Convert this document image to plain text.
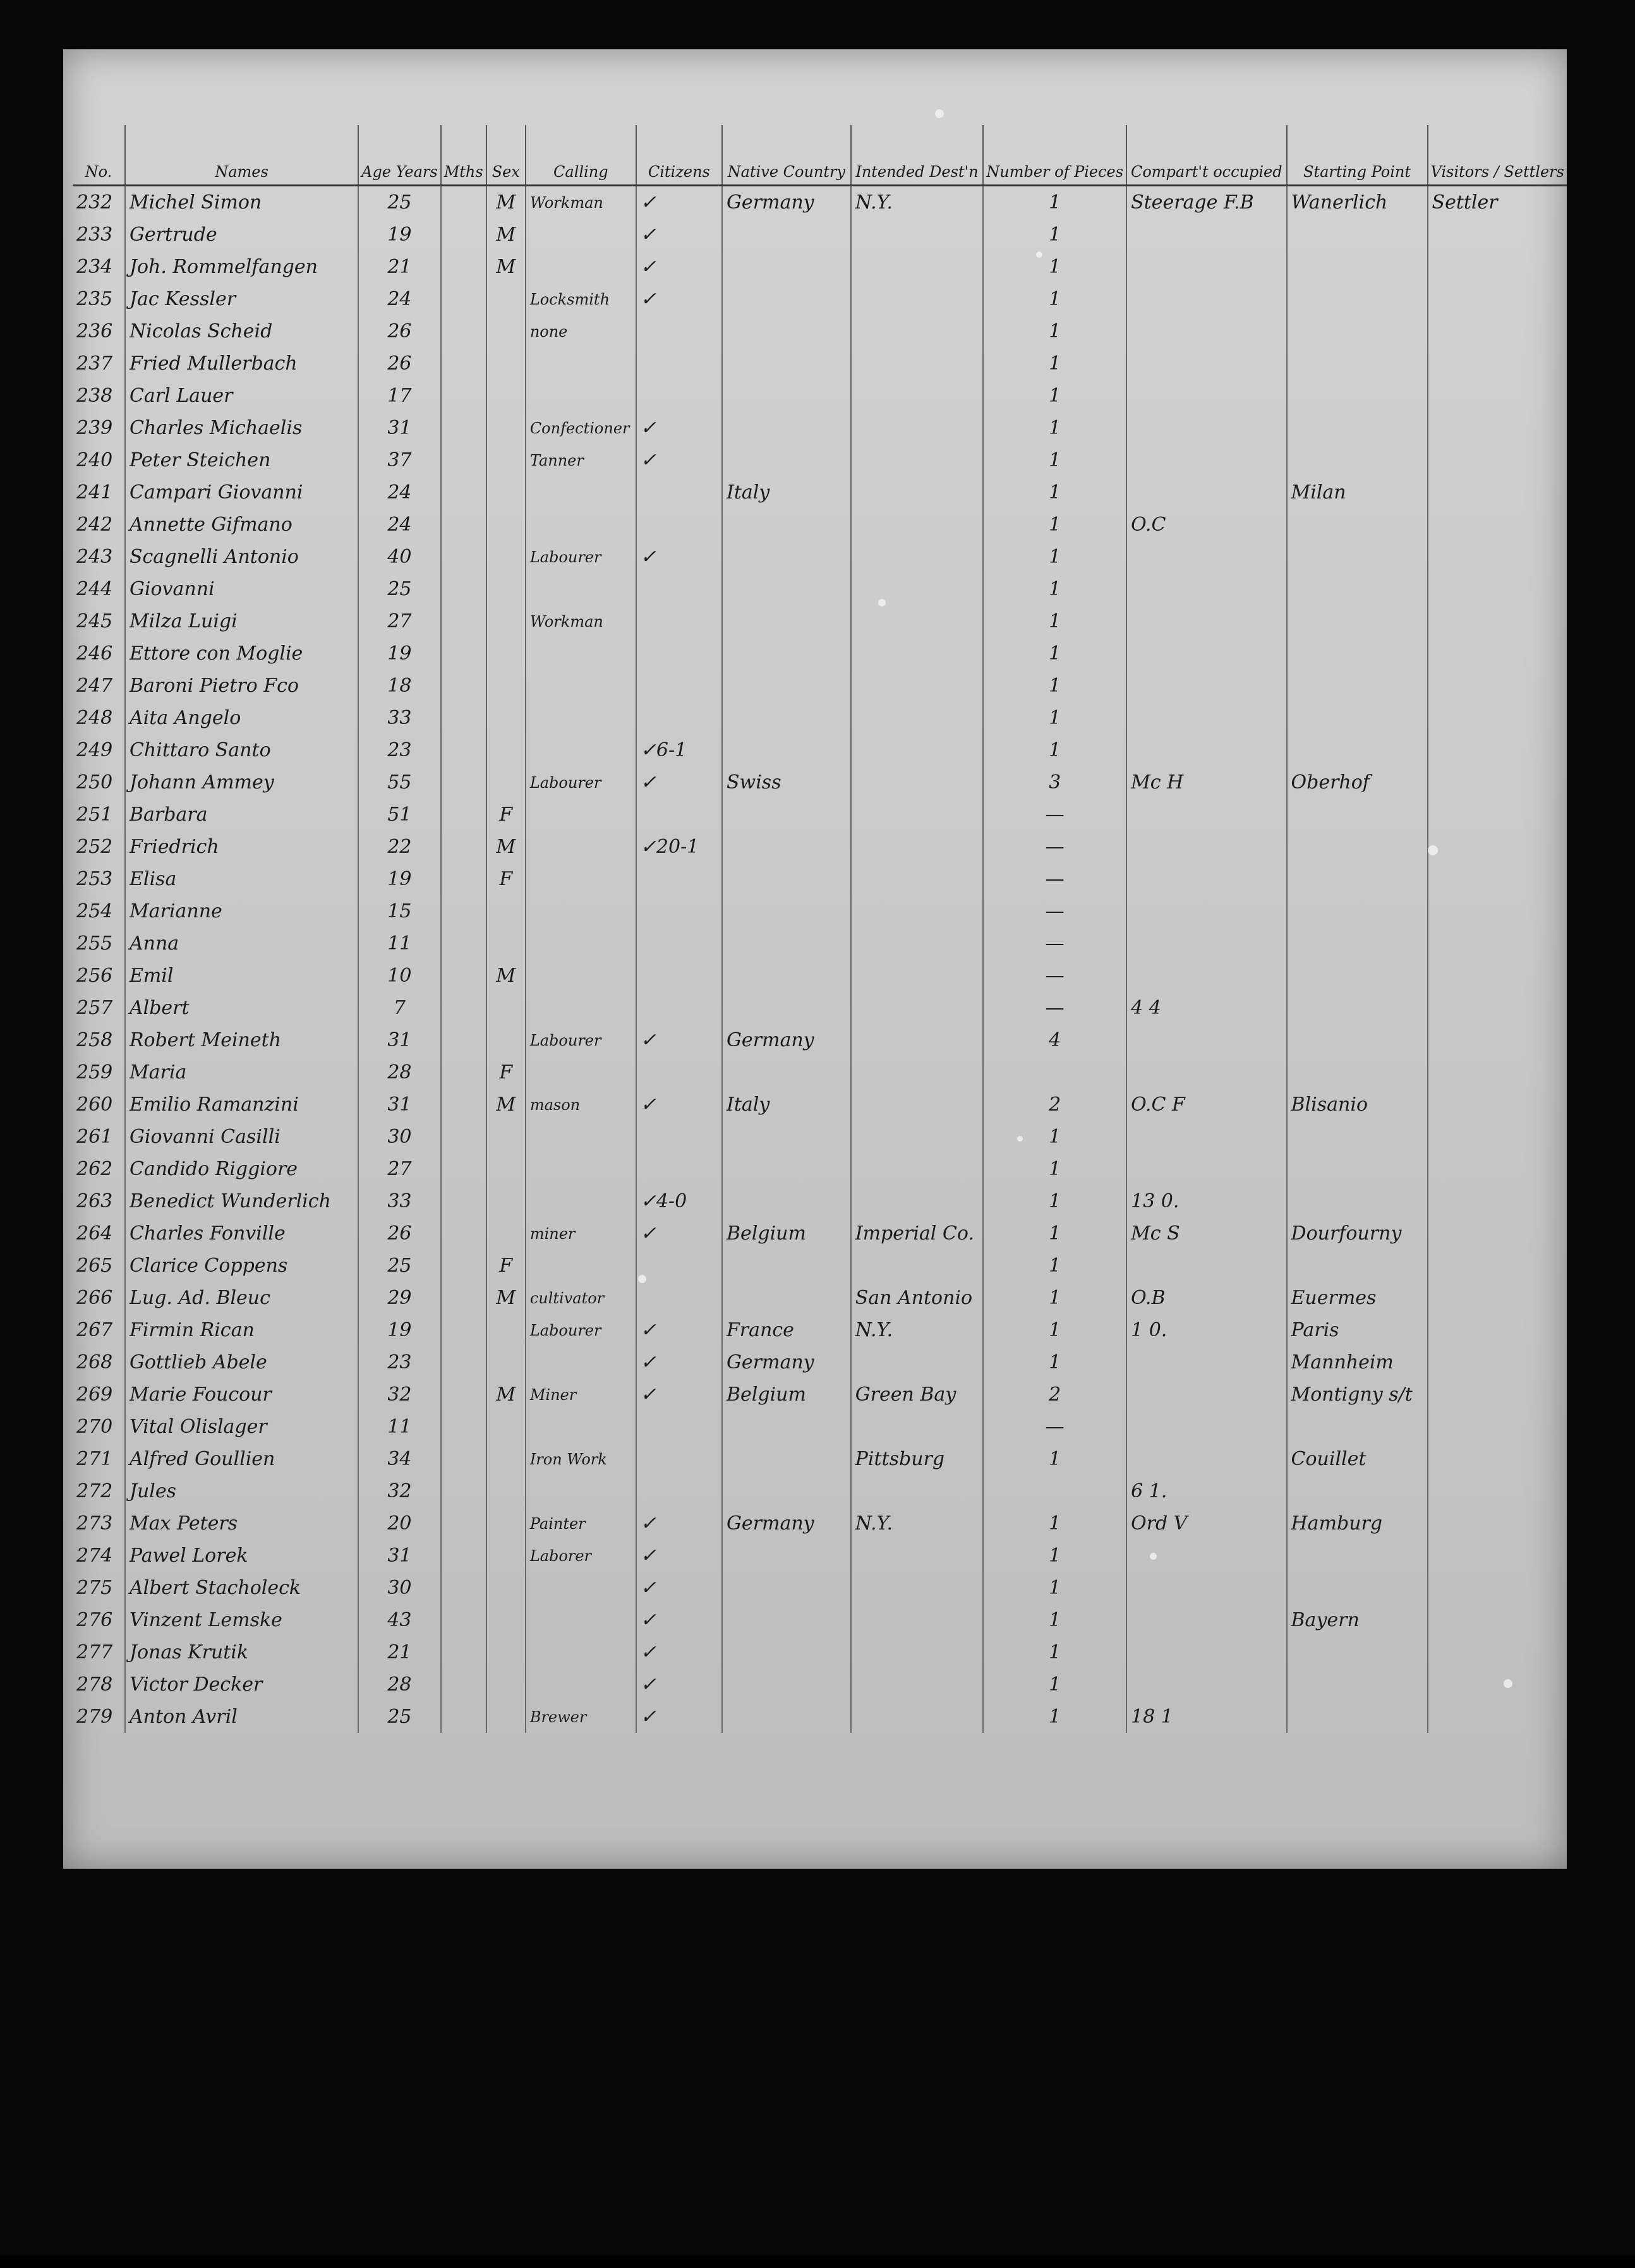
No.	Names	Age Years	Mths	Sex	Calling	Citizens	Native Country	Intended Dest'n	Number of Pieces	Compart't occupied	Starting Point	Visitors / Settlers
232	Michel Simon	25		M	Workman	✓	Germany	N.Y.	1	Steerage F.B	Wanerlich	Settler
233	Gertrude	19		M		✓			1			
234	Joh. Rommelfangen	21		M		✓			1			
235	Jac Kessler	24			Locksmith	✓			1			
236	Nicolas Scheid	26			none				1			
237	Fried Mullerbach	26							1			
238	Carl Lauer	17							1			
239	Charles Michaelis	31			Confectioner	✓			1			
240	Peter Steichen	37			Tanner	✓			1			
241	Campari Giovanni	24					Italy		1		Milan	
242	Annette Gifmano	24							1	O.C		
243	Scagnelli Antonio	40			Labourer	✓			1			
244	Giovanni	25							1			
245	Milza Luigi	27			Workman				1			
246	Ettore con Moglie	19							1			
247	Baroni Pietro Fco	18							1			
248	Aita Angelo	33							1			
249	Chittaro Santo	23				✓6-1			1			
250	Johann Ammey	55			Labourer	✓	Swiss		3	Mc H	Oberhof	
251	Barbara	51		F					—			
252	Friedrich	22		M		✓20-1			—			
253	Elisa	19		F					—			
254	Marianne	15							—			
255	Anna	11							—			
256	Emil	10		M					—			
257	Albert	7							—	4 4		
258	Robert Meineth	31			Labourer	✓	Germany		4			
259	Maria	28		F								
260	Emilio Ramanzini	31		M	mason	✓	Italy		2	O.C F	Blisanio	
261	Giovanni Casilli	30							1			
262	Candido Riggiore	27							1			
263	Benedict Wunderlich	33				✓4-0			1	13 0.		
264	Charles Fonville	26			miner	✓	Belgium	Imperial Co.	1	Mc S	Dourfourny	
265	Clarice Coppens	25		F					1			
266	Lug. Ad. Bleuc	29		M	cultivator			San Antonio	1	O.B	Euermes	
267	Firmin Rican	19			Labourer	✓	France	N.Y.	1	1 0.	Paris	
268	Gottlieb Abele	23				✓	Germany		1		Mannheim	
269	Marie Foucour	32		M	Miner	✓	Belgium	Green Bay	2		Montigny s/t	
270	Vital Olislager	11							—			
271	Alfred Goullien	34			Iron Work			Pittsburg	1		Couillet	
272	Jules	32								6 1.		
273	Max Peters	20			Painter	✓	Germany	N.Y.	1	Ord V	Hamburg	
274	Pawel Lorek	31			Laborer	✓			1			
275	Albert Stacholeck	30				✓			1			
276	Vinzent Lemske	43				✓			1		Bayern	
277	Jonas Krutik	21				✓			1			
278	Victor Decker	28				✓			1			
279	Anton Avril	25			Brewer	✓			1	18 1		
